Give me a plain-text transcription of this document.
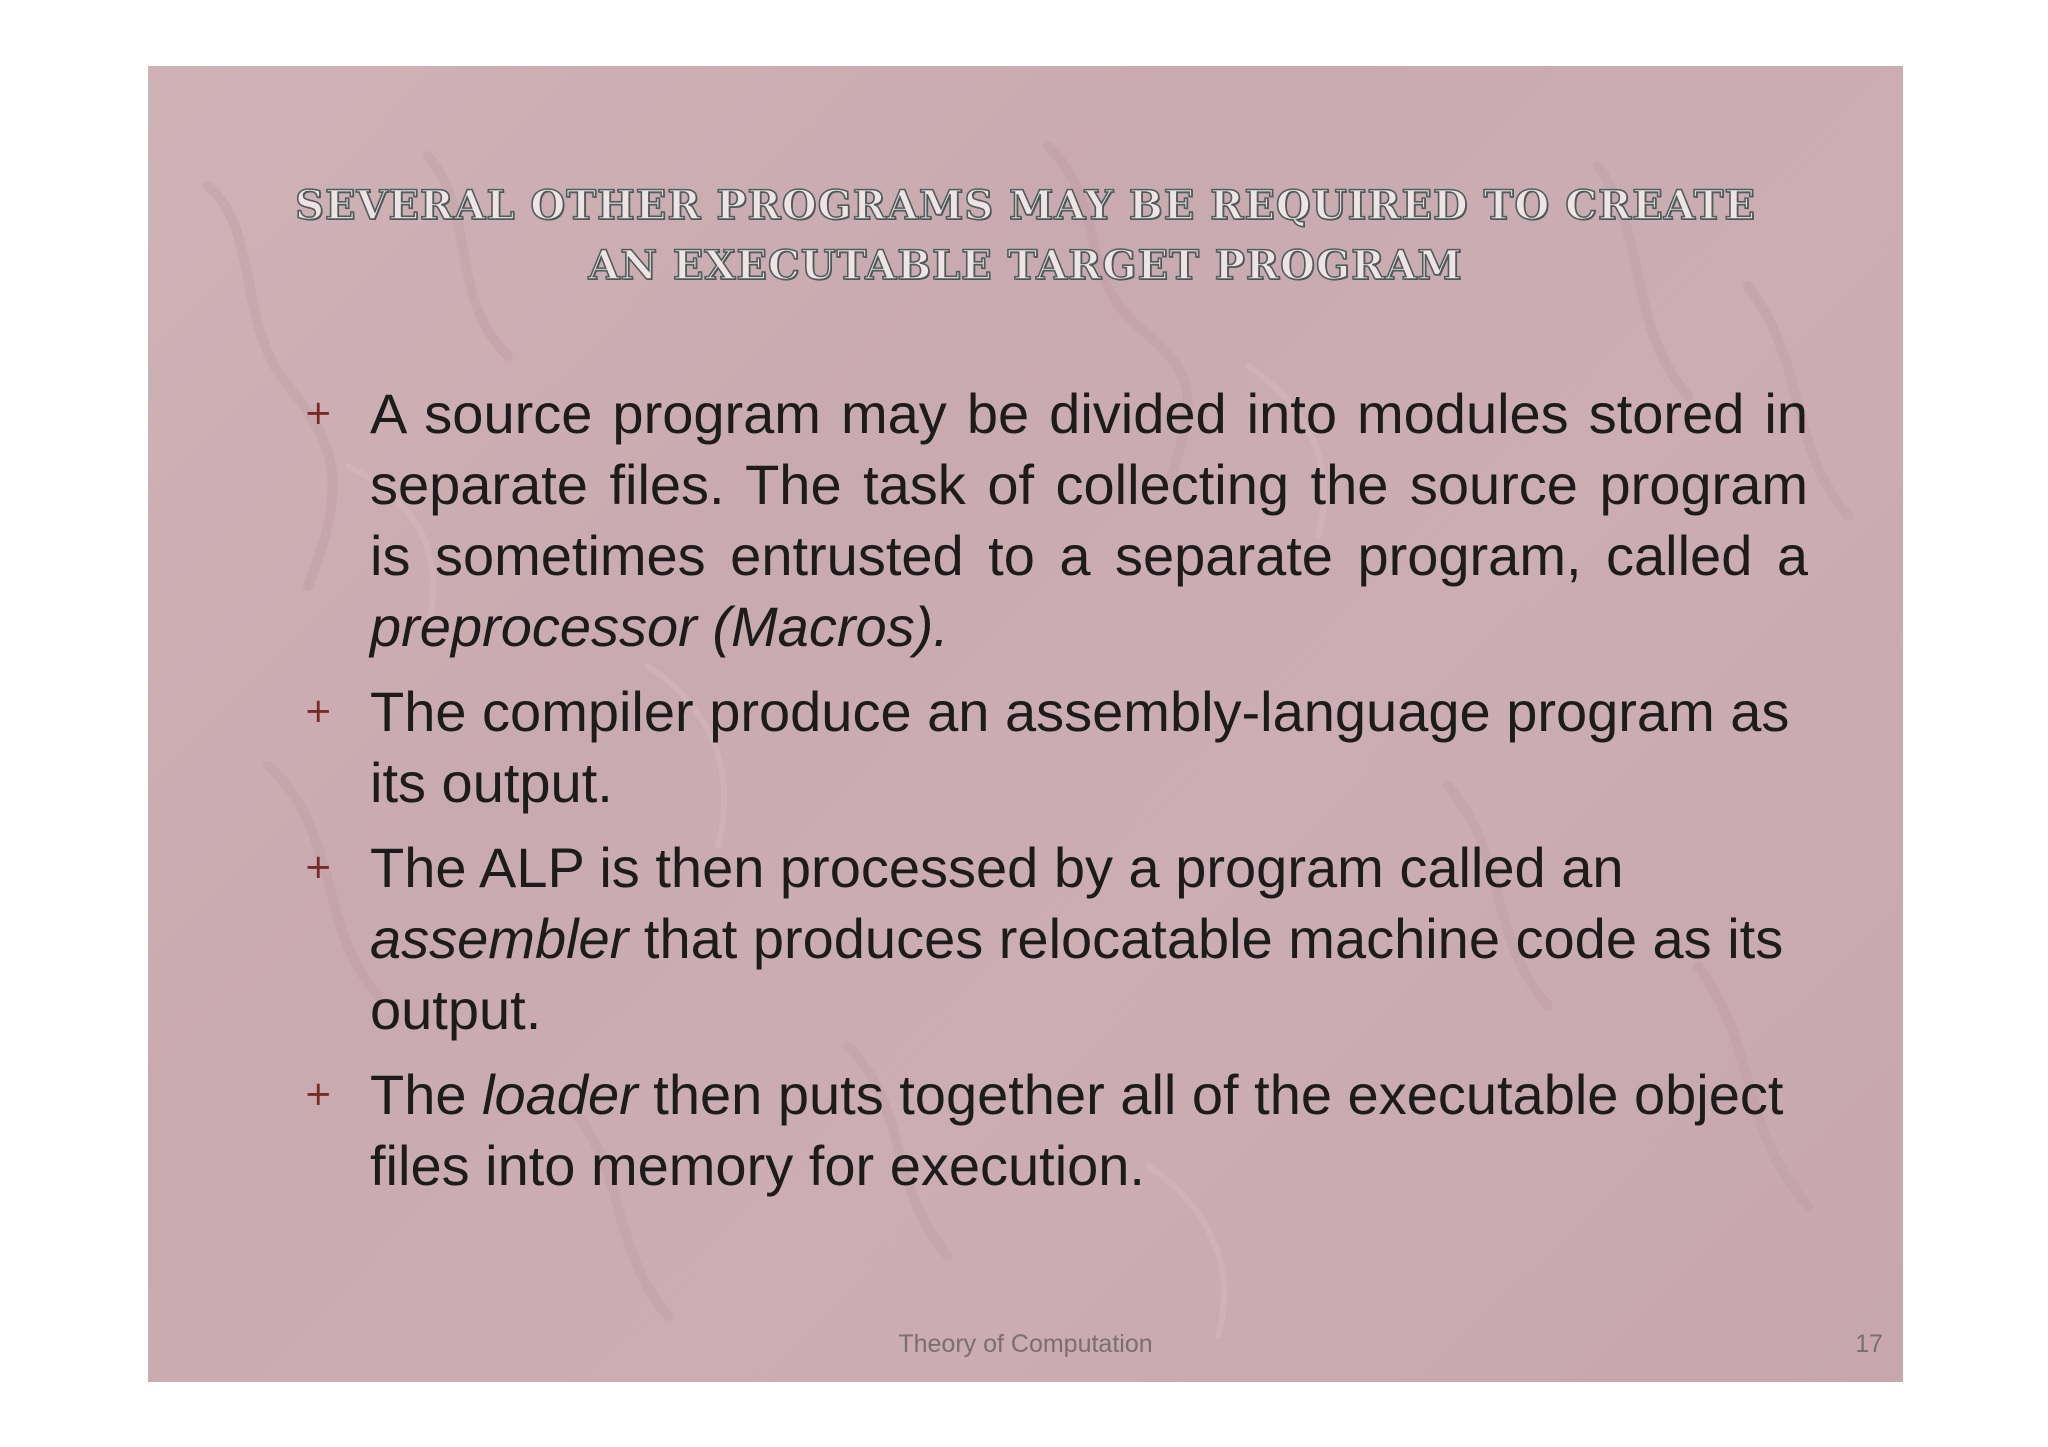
SEVERAL OTHER PROGRAMS MAY BE REQUIRED TO CREATE
AN EXECUTABLE TARGET PROGRAM
+ A source program may be divided into modules stored in separate files. The task of collecting the source program is sometimes entrusted to a separate program, called a preprocessor (Macros).
+ The compiler produce an assembly-language program as its output.
+ The ALP is then processed by a program called an assembler that produces relocatable machine code as its output.
+ The loader then puts together all of the executable object files into memory for execution.
Theory of Computation	17
